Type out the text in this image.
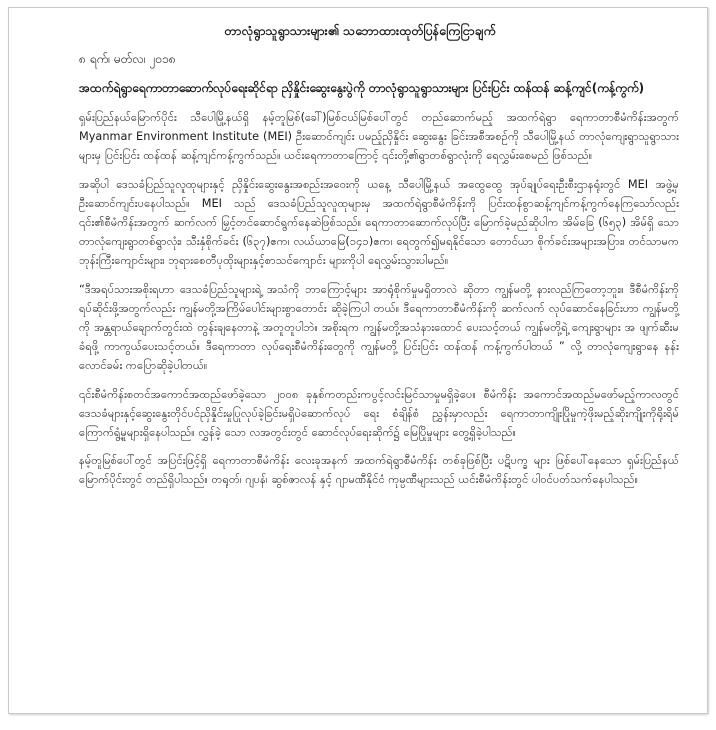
တာလုံရွာသူရွာသားများ၏ သဘောထားထုတ်ပြန်ကြေငြာချက်
၈ ရက်၊ မတ်လ၊ ၂၀၁၈
အထက်ရဲရွာရေကာတာဆောက်လုပ်ရေးဆိုင်ရာ ညှိနှိုင်းဆွေးနွေးပွဲကို တာလုံရွာသူရွာသားများ ပြင်းပြင်း ထန်ထန် ဆန့်ကျင်(ကန့်ကွက်)

ရှမ်းပြည်နယ်မြောက်ပိုင်း သီပေါမြို့နယ်ရှိ နမ့်တူမြစ်(ခေါ်)မြစ်ငယ်မြစ်ပေါ်တွင် တည်ဆောက်မည့် အထက်ရဲရွာ ရေကာတာစီမံကိန်းအတွက် Myanmar Environment Institute (MEI) ဦးဆောင်ကျင်း ပမည့်ညှိနှိုင်း ဆွေးနွေး ခြင်းအစီအစဉ်ကို သီပေါမြို့နယ် တာလုံကျေးရွာသူရွာသားများမှ ပြင်းပြင်း ထန်ထန် ဆန့်ကျင်ကန့်ကွက်သည်။ ယင်းရေကာတာကြောင့် ၎င်းတို့၏ရွာတစ်ရွာလုံးကို ရေလွှမ်းစေမည် ဖြစ်သည်။

အဆိုပါ ဒေသခံပြည်သူလူထုများနှင့် ညှိနှိုင်းဆွေးနွေးအစည်းအဝေးကို ယနေ့ သီပေါမြို့နယ် အထွေထွေ အုပ်ချုပ်ရေးဦးစီးဌာနရုံးတွင် MEI အဖွဲ့မှ ဦးဆောင်ကျင်းပနေပါသည်။ MEI သည် ဒေသခံပြည်သူလူထုများမှ အထက်ရဲရွာစီမံကိန်းကို ပြင်းထန်စွာဆန့်ကျင်ကန့်ကွက်နေကြသော်လည်း ၎င်း၏စီမံကိန်းအတွက် ဆက်လက် မြှင့်တင်ဆောင်ရွက်နေဆဲဖြစ်သည်။ ရေကာတာဆောက်လုပ်ပြီး မြောက်ခဲ့မည်ဆိုပါက အိမ်ခြေ (၆၅၃) အိမ်ရှိ သော တာလုံကျေးရွာတစ်ရွာလုံး၊ သီးနှံစိုက်ခင်း (၆၃၇)ဧက၊ လယ်ယာမြေ(၁၄၁)ဧက၊ ရေတွက်၍မရနိုင်သော တောင်ယာ စိုက်ခင်းအများအပြား၊ တင်သာမက ဘုန်းကြီးကျောင်းများ၊ ဘုရားစေတီပုထိုးများနှင့်စာသင်ကျောင်း များကိုပါ ရေလွှမ်းသွားပါမည်။

“ဒီအရပ်သားအစိုးရဟာ ဒေသခံပြည်သူများရဲ့ အသံကို ဘာကြောင့်များ အာရုံစိုက်မှုမရှိတာလဲ ဆိုတာ ကျွန်မတို့ နားလည်ကြတော့ဘူး။ ဒီစီမံကိန်းကို ရပ်ဆိုင်းဖို့အတွက်လည်း ကျွန်မတို့အကြိမ်ပေါင်းများစွာတောင်း ဆိုခဲ့ကြပါ တယ်။ ဒီရေကာတာစီမံကိန်းကို ဆက်လက် လုပ်ဆောင်နေခြင်းဟာ ကျွန်မတို့ကို အန္တရာယ်ချောက်တွင်းထဲ တွန်းချနေတာနဲ့ အတူတူပါဘဲ။ အစိုးရက ကျွန်မတို့အသံနားထောင် ပေးသင့်တယ် ကျွန်မတို့ရဲ့ ကျေးရွာများ အ ဖျက်ဆီးမခံရဖို့ ကာကွယ်ပေးသင့်တယ်။ ဒီရေကာတာ လုပ်ရေးစီမံကိန်းတွေကို ကျွန်မတို့ ပြင်းပြင်း ထန်ထန် ကန့်ကွက်ပါတယ် ” လို့ တာလုံကျေးရွာနေ နန်းလောင်ခမ်း ကပြောဆိုခဲ့ပါတယ်။

၎င်းစီမံကိန်းစတင်အကောင်အထည်ဖော်ခဲ့သော ၂၀၀၈ ခုနှစ်ကတည်းကပွင့်လင်းမြင်သာမှုမရှိခဲ့ပေ။ စီမံကိန်း အကောင်အထည်မဖော်မည့်ကာလတွင် ဒေသခံများနှင့်ဆွေးနွေးတိုင်ပင်ညှိနှိုင်းမှုပြုလုပ်ခဲ့ခြင်းမရှိပဲဆောက်လုပ် ရေး စံချိန်စံ ညွှန်းမှာလည်း ရေကာတာကျိုးပြိုမှုကဲ့ဖိုးမည့်ဆိုးကျိုးကိုရိုးရိမ်ကြောက်ရွံ့မှုများရှိနေပါသည်။ လွှန်ခဲ့ သော လအတွင်းတွင် ဆောင်လုပ်ရေးဆိုက်၌ မြေပြိုမှုများ တွေ့ရှိခဲ့ပါသည်။

နမ့်တူမြစ်ပေါ်တွင် အပြင်းဖြင့်ရှိ ရေကာတာစီမံကိန်း လေးခုအနက် အထက်ရဲရွာစီမံကိန်း တစ်ခုဖြစ်ပြီး ပဋိပက္ခ များ ဖြစ်ပေါ်နေသော ရှမ်းပြည်နယ်မြောက်ပိုင်းတွင် တည်ရှိပါသည်။ တရုတ်၊ ဂျပန်၊ ဆွစ်ဇာလန် နှင့် ဂျာမဏီနိုင်ငံ ကုမ္ပဏီများသည် ယင်းစီမံကိန်းတွင် ပါဝင်ပတ်သက်နေပါသည်။
